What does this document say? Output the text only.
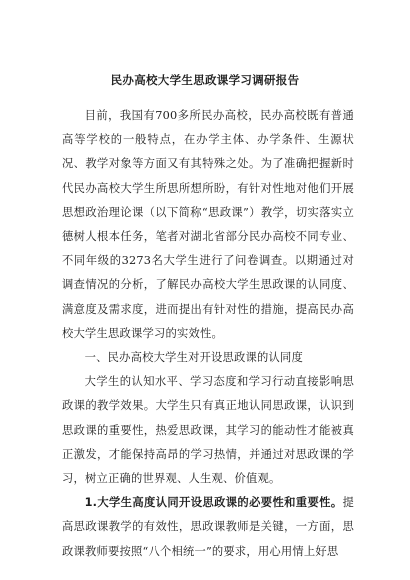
民办高校大学生思政课学习调研报告

目前，我国有700多所民办高校，民办高校既有普通高等学校的一般特点，在办学主体、办学条件、生源状况、教学对象等方面又有其特殊之处。为了准确把握新时代民办高校大学生所思所想所盼，有针对性地对他们开展思想政治理论课（以下简称“思政课”）教学，切实落实立德树人根本任务，笔者对湖北省部分民办高校不同专业、不同年级的3273名大学生进行了问卷调查。以期通过对调查情况的分析，了解民办高校大学生思政课的认同度、满意度及需求度，进而提出有针对性的措施，提高民办高校大学生思政课学习的实效性。

一、民办高校大学生对开设思政课的认同度

大学生的认知水平、学习态度和学习行动直接影响思政课的教学效果。大学生只有真正地认同思政课，认识到思政课的重要性，热爱思政课，其学习的能动性才能被真正激发，才能保持高昂的学习热情，并通过对思政课的学习，树立正确的世界观、人生观、价值观。

1.大学生高度认同开设思政课的必要性和重要性。提高思政课教学的有效性，思政课教师是关键，一方面，思政课教师要按照“八个相统一”的要求，用心用情上好思
